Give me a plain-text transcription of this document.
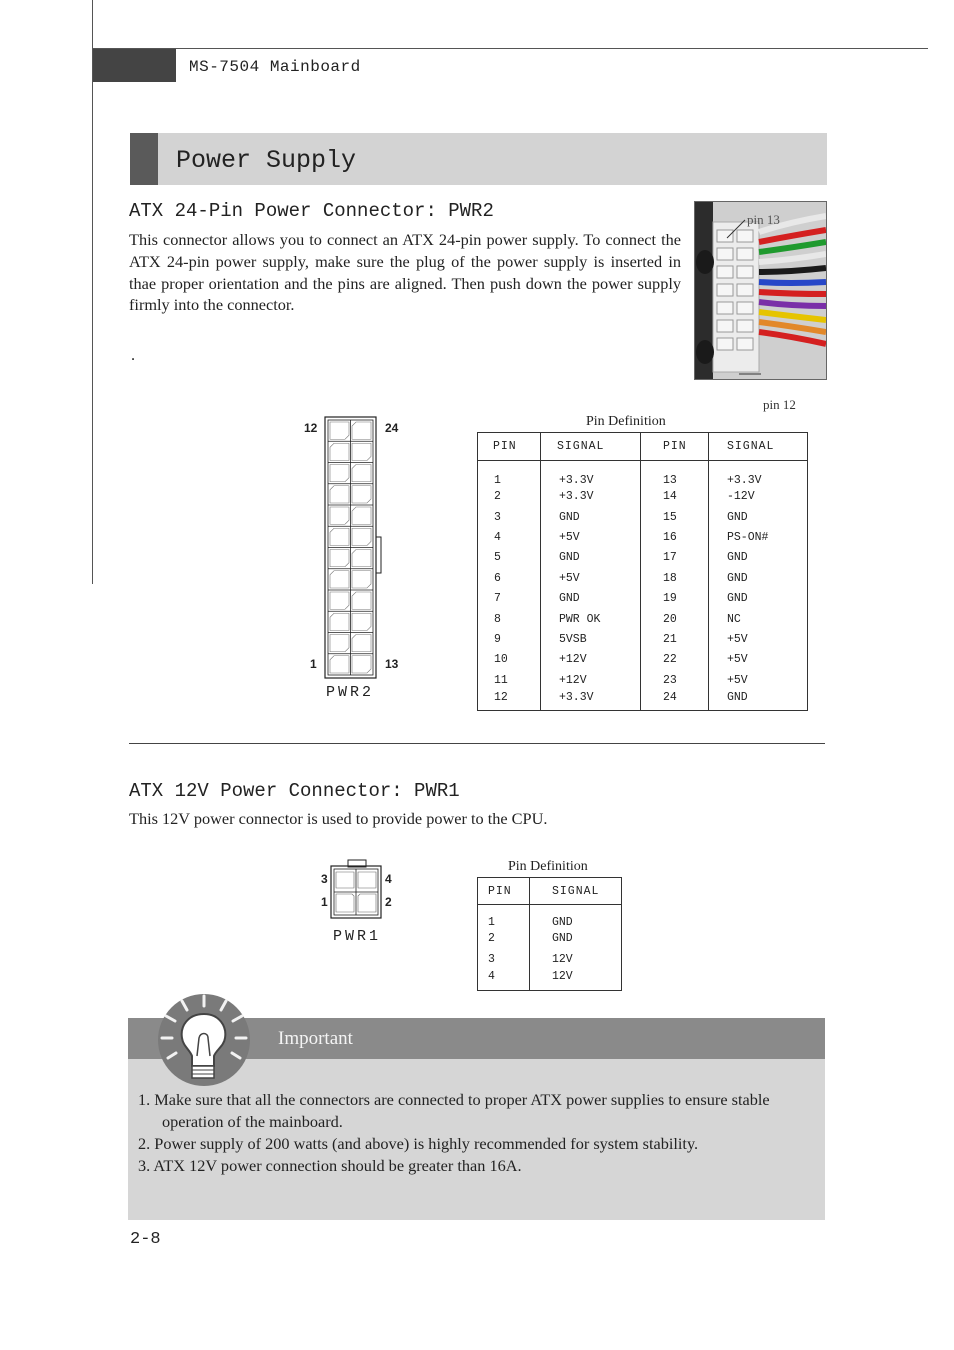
MS-7504 Mainboard
Power Supply
ATX 24-Pin Power Connector: PWR2

This connector allows you to connect an ATX 24-pin power supply. To connect the ATX 24-pin power supply, make sure the plug of the power supply is inserted in thae proper orientation and the pins are aligned. Then push down the power supply firmly into the connector.

.
pin 13
pin 12
12	24
1	13
PWR2
Pin Definition
PIN	SIGNAL	PIN	SIGNAL
1	+3.3V	13	+3.3V
2	+3.3V	14	-12V
3	GND	15	GND
4	+5V	16	PS-ON#
5	GND	17	GND
6	+5V	18	GND
7	GND	19	GND
8	PWR OK	20	NC
9	5VSB	21	+5V
10	+12V	22	+5V
11	+12V	23	+5V
12	+3.3V	24	GND
ATX 12V Power Connector: PWR1

This 12V power connector is used to provide power to the CPU.

3	4
1	2
PWR1
Pin Definition
PIN	SIGNAL
1	GND
2	GND
3	12V
4	12V
Important
1. Make sure that all the connectors are connected to proper ATX power supplies to ensure stable operation of the mainboard.
2. Power supply of 200 watts (and above) is highly recommended for system stability.
3. ATX 12V power connection should be greater than 16A.
2-8
